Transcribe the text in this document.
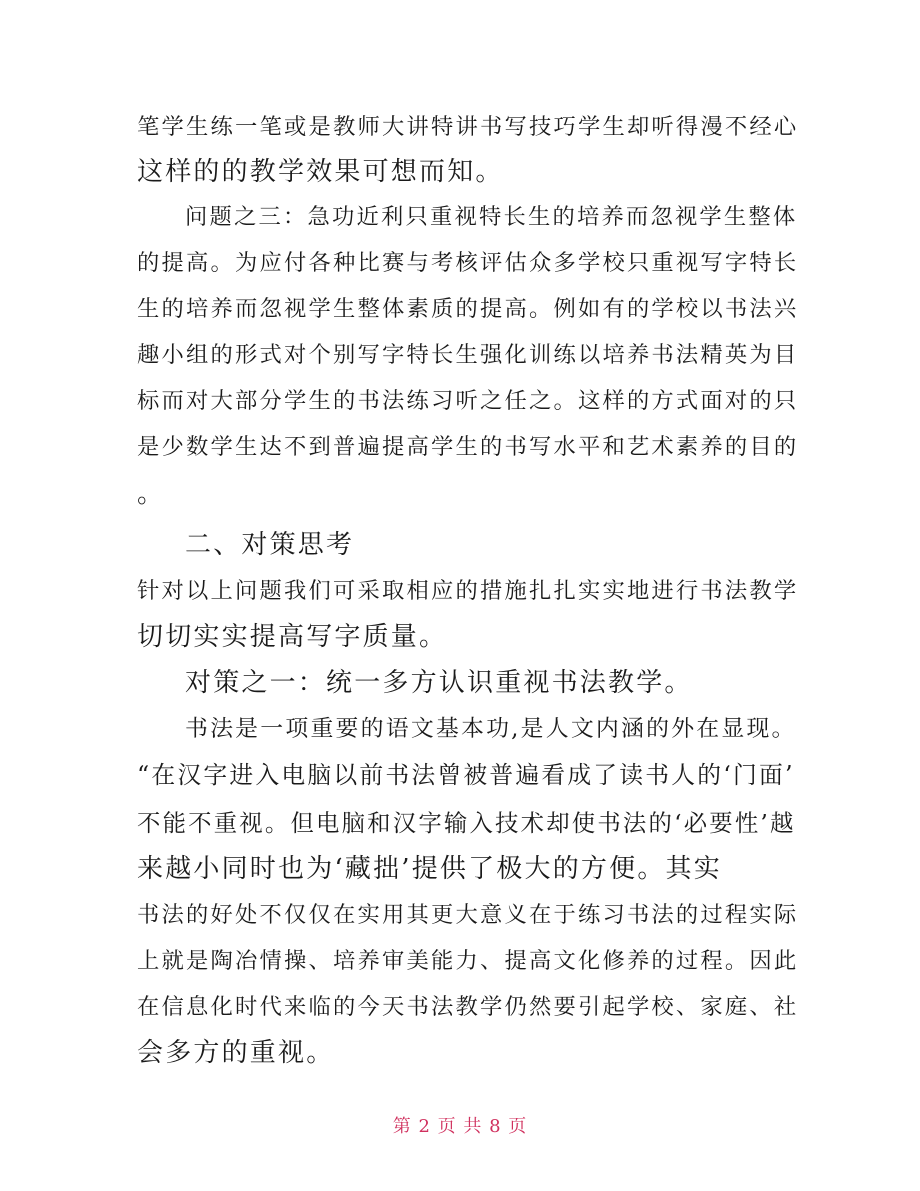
笔学生练一笔或是教师大讲特讲书写技巧学生却听得漫不经心
这样的的教学效果可想而知。
问题之三：急功近利只重视特长生的培养而忽视学生整体
的提高。为应付各种比赛与考核评估众多学校只重视写字特长
生的培养而忽视学生整体素质的提高。例如有的学校以书法兴
趣小组的形式对个别写字特长生强化训练以培养书法精英为目
标而对大部分学生的书法练习听之任之。这样的方式面对的只
是少数学生达不到普遍提高学生的书写水平和艺术素养的目的
。
二、对策思考
针对以上问题我们可采取相应的措施扎扎实实地进行书法教学
切切实实提高写字质量。
对策之一：统一多方认识重视书法教学。
书法是一项重要的语文基本功,是人文内涵的外在显现。
“在汉字进入电脑以前书法曾被普遍看成了读书人的‘门面’
不能不重视。但电脑和汉字输入技术却使书法的‘必要性’越
来越小同时也为‘藏拙’提供了极大的方便。其实
书法的好处不仅仅在实用其更大意义在于练习书法的过程实际
上就是陶冶情操、培养审美能力、提高文化修养的过程。因此
在信息化时代来临的今天书法教学仍然要引起学校、家庭、社
会多方的重视。
第 2 页 共 8 页
